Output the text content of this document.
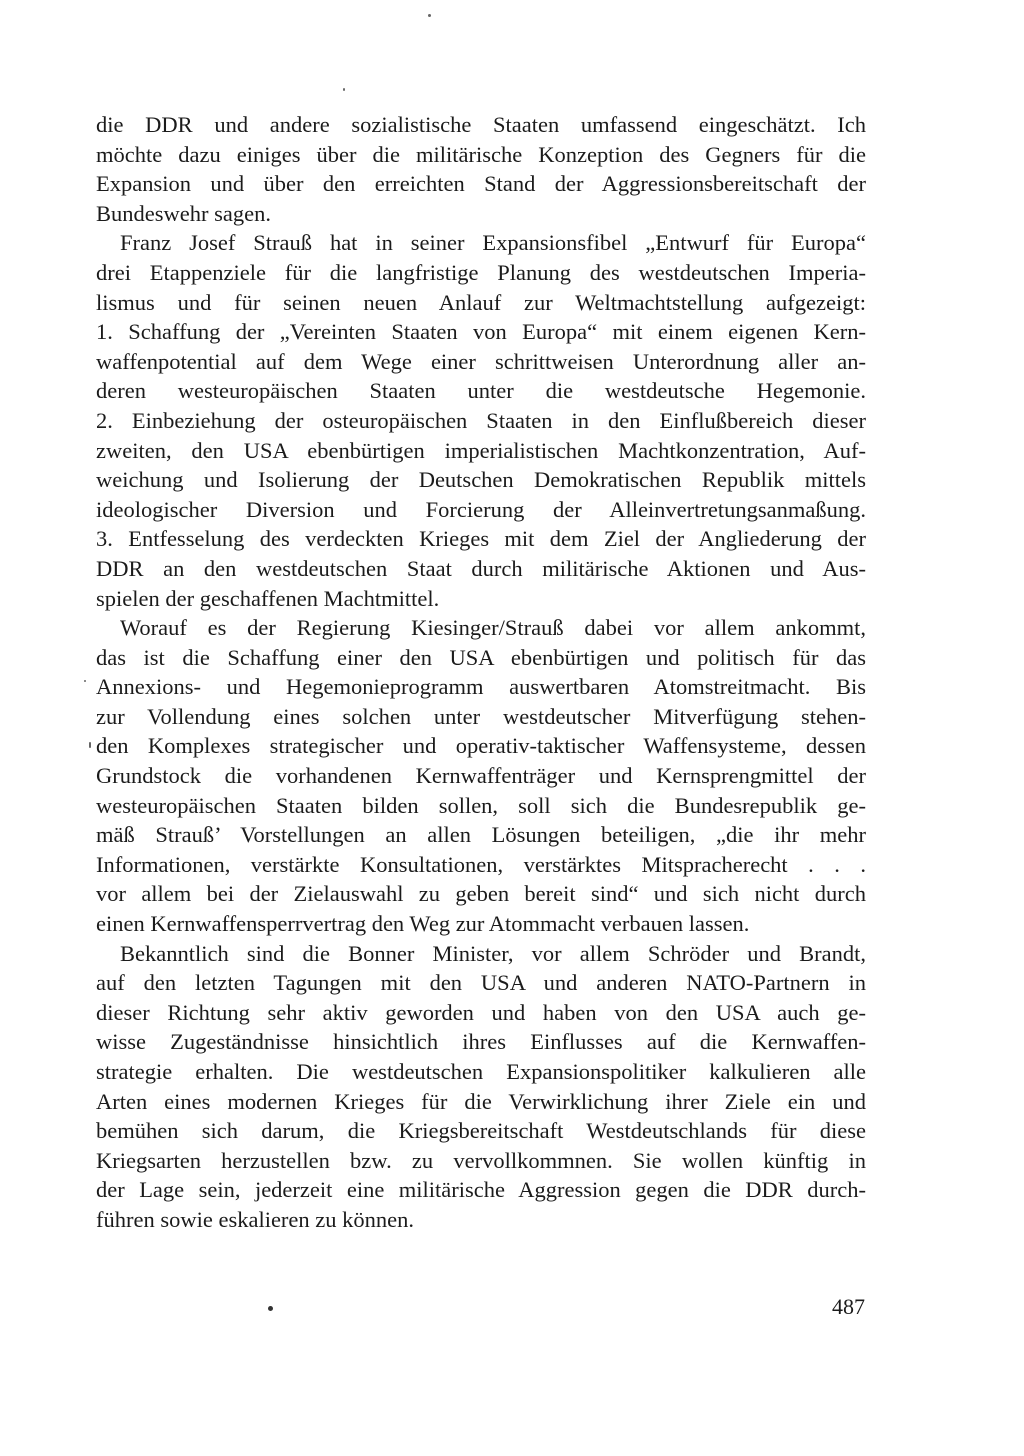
die DDR und andere sozialistische Staaten umfassend eingeschätzt. Ich
möchte dazu einiges über die militärische Konzeption des Gegners für die
Expansion und über den erreichten Stand der Aggressionsbereitschaft der
Bundeswehr sagen.
Franz Josef Strauß hat in seiner Expansionsfibel „Entwurf für Europa“
drei Etappenziele für die langfristige Planung des westdeutschen Imperia-
lismus und für seinen neuen Anlauf zur Weltmachtstellung aufgezeigt:
1. Schaffung der „Vereinten Staaten von Europa“ mit einem eigenen Kern-
waffenpotential auf dem Wege einer schrittweisen Unterordnung aller an-
deren westeuropäischen Staaten unter die westdeutsche Hegemonie.
2. Einbeziehung der osteuropäischen Staaten in den Einflußbereich dieser
zweiten, den USA ebenbürtigen imperialistischen Machtkonzentration, Auf-
weichung und Isolierung der Deutschen Demokratischen Republik mittels
ideologischer Diversion und Forcierung der Alleinvertretungsanmaßung.
3. Entfesselung des verdeckten Krieges mit dem Ziel der Angliederung der
DDR an den westdeutschen Staat durch militärische Aktionen und Aus-
spielen der geschaffenen Machtmittel.
Worauf es der Regierung Kiesinger/Strauß dabei vor allem ankommt,
das ist die Schaffung einer den USA ebenbürtigen und politisch für das
Annexions- und Hegemonieprogramm auswertbaren Atomstreitmacht. Bis
zur Vollendung eines solchen unter westdeutscher Mitverfügung stehen-
den Komplexes strategischer und operativ-taktischer Waffensysteme, dessen
Grundstock die vorhandenen Kernwaffenträger und Kernsprengmittel der
westeuropäischen Staaten bilden sollen, soll sich die Bundesrepublik ge-
mäß Strauß’ Vorstellungen an allen Lösungen beteiligen, „die ihr mehr
Informationen, verstärkte Konsultationen, verstärktes Mitspracherecht . . .
vor allem bei der Zielauswahl zu geben bereit sind“ und sich nicht durch
einen Kernwaffensperrvertrag den Weg zur Atommacht verbauen lassen.
Bekanntlich sind die Bonner Minister, vor allem Schröder und Brandt,
auf den letzten Tagungen mit den USA und anderen NATO-Partnern in
dieser Richtung sehr aktiv geworden und haben von den USA auch ge-
wisse Zugeständnisse hinsichtlich ihres Einflusses auf die Kernwaffen-
strategie erhalten. Die westdeutschen Expansionspolitiker kalkulieren alle
Arten eines modernen Krieges für die Verwirklichung ihrer Ziele ein und
bemühen sich darum, die Kriegsbereitschaft Westdeutschlands für diese
Kriegsarten herzustellen bzw. zu vervollkommnen. Sie wollen künftig in
der Lage sein, jederzeit eine militärische Aggression gegen die DDR durch-
führen sowie eskalieren zu können.
487
